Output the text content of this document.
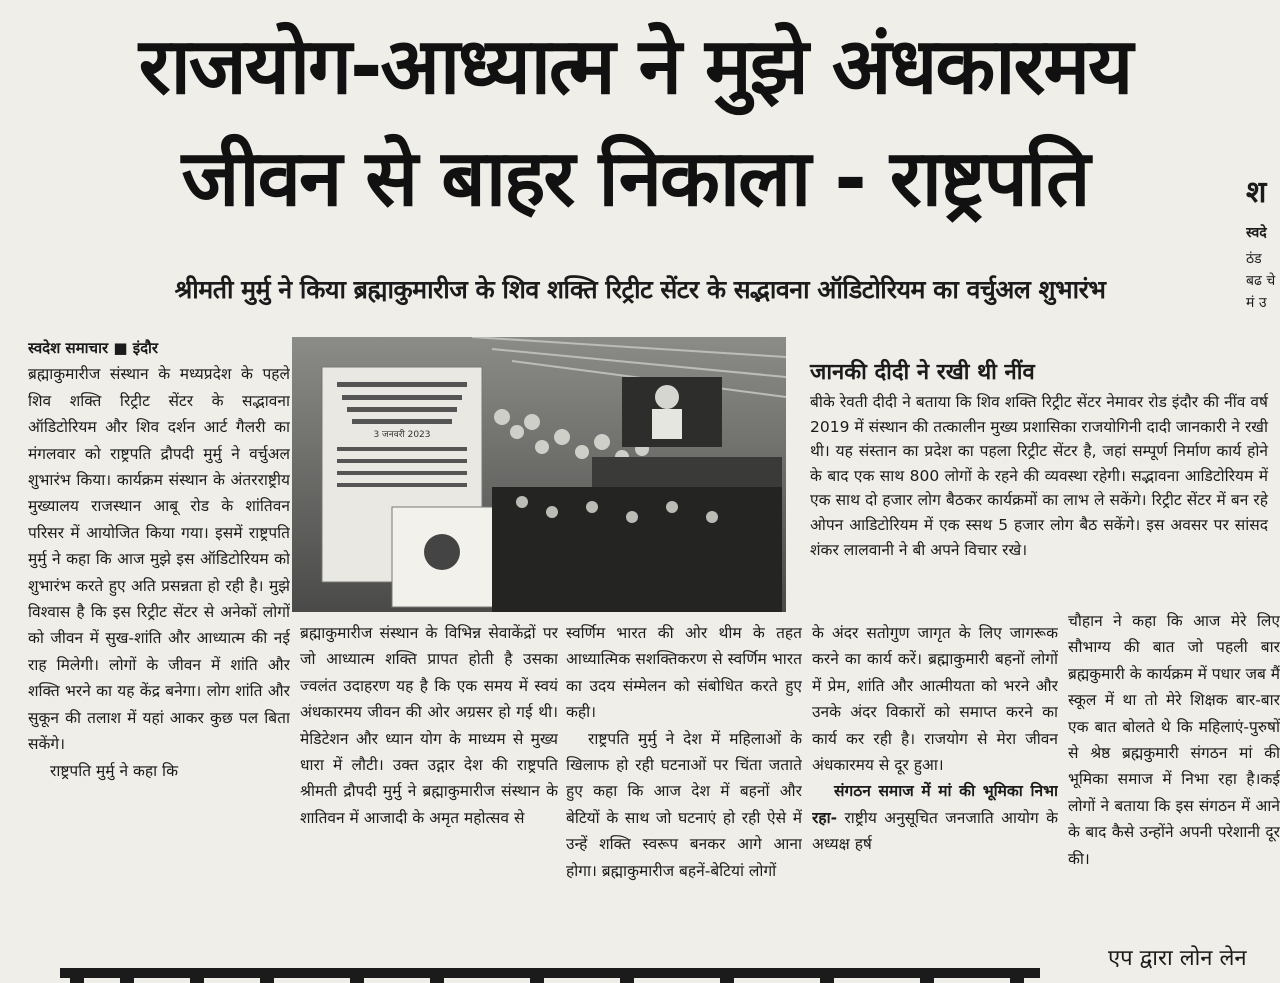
राजयोग-आध्यात्म ने मुझे अंधकारमय
जीवन से बाहर निकाला - राष्ट्रपति
श्रीमती मुर्मु ने किया ब्रह्माकुमारीज के शिव शक्ति रिट्रीट सेंटर के सद्भावना ऑडिटोरियम का वर्चुअल शुभारंभ
स्वदेश समाचार ■ इंदौर

ब्रह्माकुमारीज संस्थान के मध्यप्रदेश के पहले शिव शक्ति रिट्रीट सेंटर के सद्भावना ऑडिटोरियम और शिव दर्शन आर्ट गैलरी का मंगलवार को राष्ट्रपति द्रौपदी मुर्मु ने वर्चुअल शुभारंभ किया। कार्यक्रम संस्थान के अंतरराष्ट्रीय मुख्यालय राजस्थान आबू रोड के शांतिवन परिसर में आयोजित किया गया। इसमें राष्ट्रपति मुर्मु ने कहा कि आज मुझे इस ऑडिटोरियम को शुभारंभ करते हुए अति प्रसन्नता हो रही है। मुझे विश्वास है कि इस रिट्रीट सेंटर से अनेकों लोगों को जीवन में सुख-शांति और आध्यात्म की नई राह मिलेगी। लोगों के जीवन में शांति और शक्ति भरने का यह केंद्र बनेगा। लोग शांति और सुकून की तलाश में यहां आकर कुछ पल बिता सकेंगे।

राष्ट्रपति मुर्मु ने कहा कि

3 जनवरी 2023
जानकी दीदी ने रखी थी नींव
बीके रेवती दीदी ने बताया कि शिव शक्ति रिट्रीट सेंटर नेमावर रोड इंदौर की नींव वर्ष 2019 में संस्थान की तत्कालीन मुख्य प्रशासिका राजयोगिनी दादी जानकारी ने रखी थी। यह संस्तान का प्रदेश का पहला रिट्रीट सेंटर है, जहां सम्पूर्ण निर्माण कार्य होने के बाद एक साथ 800 लोगों के रहने की व्यवस्था रहेगी। सद्भावना आडिटोरियम में एक साथ दो हजार लोग बैठकर कार्यक्रमों का लाभ ले सकेंगे। रिट्रीट सेंटर में बन रहे ओपन आडिटोरियम में एक स्सथ 5 हजार लोग बैठ सकेंगे। इस अवसर पर सांसद शंकर लालवानी ने बी अपने विचार रखे।

ब्रह्माकुमारीज संस्थान के विभिन्न सेवाकेंद्रों पर जो आध्यात्म शक्ति प्रापत होती है उसका ज्वलंत उदाहरण यह है कि एक समय में स्वयं अंधकारमय जीवन की ओर अग्रसर हो गई थी। मेडिटेशन और ध्यान योग के माध्यम से मुख्य धारा में लौटी। उक्त उद्गार देश की राष्ट्रपति श्रीमती द्रौपदी मुर्मु ने ब्रह्माकुमारीज संस्थान के शातिवन में आजादी के अमृत महोत्सव से

स्वर्णिम भारत की ओर थीम के तहत आध्यात्मिक सशक्तिकरण से स्वर्णिम भारत का उदय संम्मेलन को संबोधित करते हुए कही।

राष्ट्रपति मुर्मु ने देश में महिलाओं के खिलाफ हो रही घटनाओं पर चिंता जताते हुए कहा कि आज देश में बहनों और बेटियों के साथ जो घटनाएं हो रही ऐसे में उन्हें शक्ति स्वरूप बनकर आगे आना होगा। ब्रह्माकुमारीज बहनें-बेटियां लोगों

के अंदर सतोगुण जागृत के लिए जागरूक करने का कार्य करें। ब्रह्माकुमारी बहनों लोगों में प्रेम, शांति और आत्मीयता को भरने और उनके अंदर विकारों को समाप्त करने का कार्य कर रही है। राजयोग से मेरा जीवन अंधकारमय से दूर हुआ।

संगठन समाज में मां की भूमिका निभा रहा- राष्ट्रीय अनुसूचित जनजाति आयोग के अध्यक्ष हर्ष

चौहान ने कहा कि आज मेरे लिए सौभाग्य की बात जो पहली बार ब्रह्मकुमारी के कार्यक्रम में पधार जब मैं स्कूल में था तो मेरे शिक्षक बार-बार एक बात बोलते थे कि महिलाएं-पुरुषों से श्रेष्ठ ब्रह्मकुमारी संगठन मां की भूमिका समाज में निभा रहा है।कई लोगों ने बताया कि इस संगठन में आने के बाद कैसे उन्होंने अपनी परेशानी दूर की।

श
स्वदे
ठंड बढ चे मं उ
एप द्वारा लोन लेन
